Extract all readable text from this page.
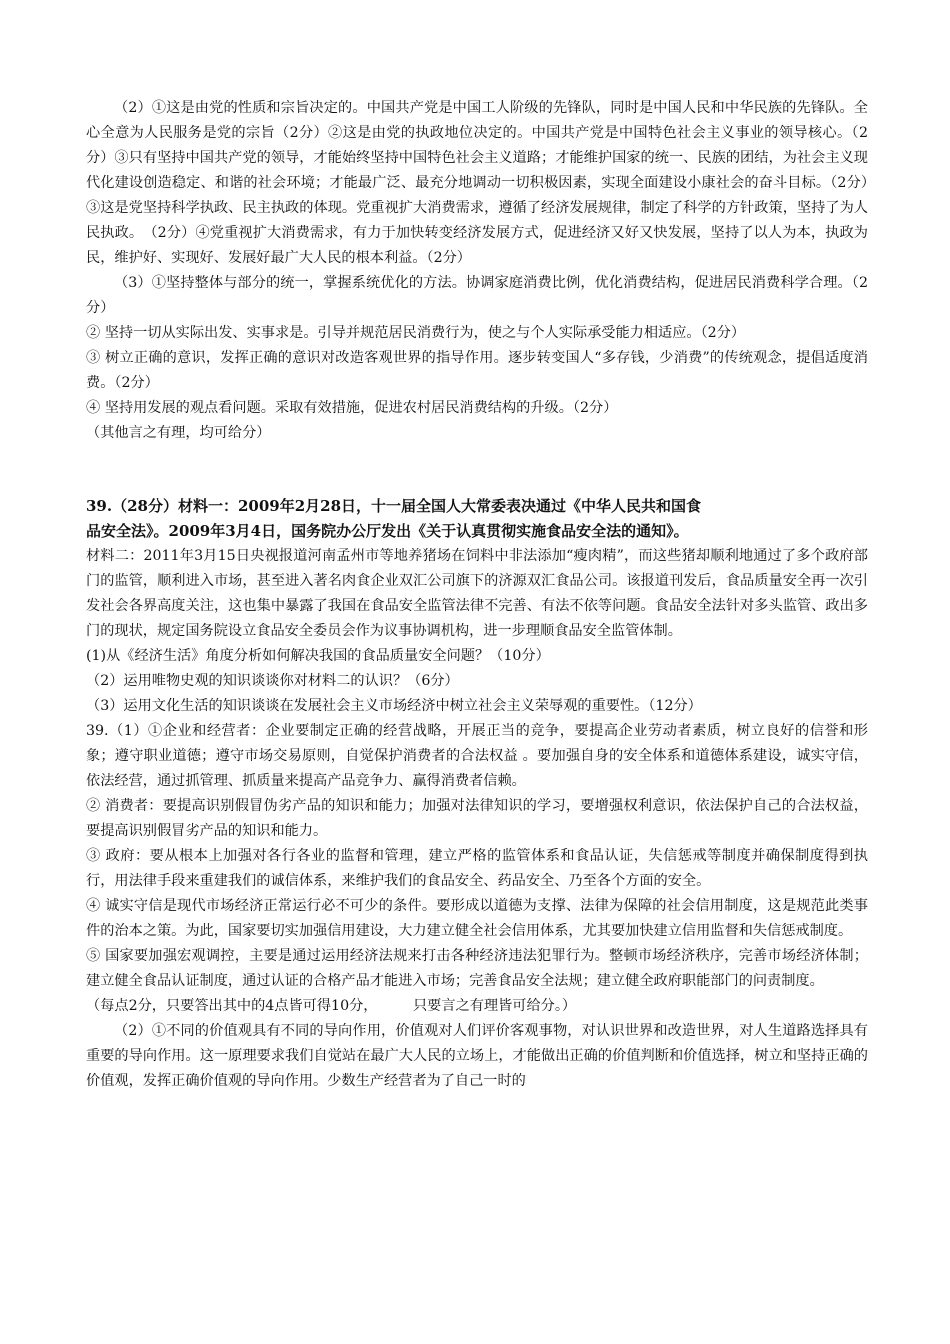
（2）①这是由党的性质和宗旨决定的。中国共产党是中国工人阶级的先锋队，同时是中国人民和中华民族的先锋队。全心全意为人民服务是党的宗旨（2分）②这是由党的执政地位决定的。中国共产党是中国特色社会主义事业的领导核心。（2分）③只有坚持中国共产党的领导，才能始终坚持中国特色社会主义道路；才能维护国家的统一、民族的团结，为社会主义现代化建设创造稳定、和谐的社会环境；才能最广泛、最充分地调动一切积极因素，实现全面建设小康社会的奋斗目标。（2分）③这是党坚持科学执政、民主执政的体现。党重视扩大消费需求，遵循了经济发展规律，制定了科学的方针政策，坚持了为人民执政。　（2分）④党重视扩大消费需求，有力于加快转变经济发展方式，促进经济又好又快发展，坚持了以人为本，执政为民，维护好、实现好、发展好最广大人民的根本利益。（2分）

（3）①坚持整体与部分的统一，掌握系统优化的方法。协调家庭消费比例，优化消费结构，促进居民消费科学合理。（2分）

② 坚持一切从实际出发、实事求是。引导并规范居民消费行为，使之与个人实际承受能力相适应。（2分）

③ 树立正确的意识，发挥正确的意识对改造客观世界的指导作用。逐步转变国人“多存钱，少消费”的传统观念，提倡适度消费。（2分）

④ 坚持用发展的观点看问题。采取有效措施，促进农村居民消费结构的升级。（2分）

（其他言之有理，均可给分）

39.（28分）材料一：2009年2月28日，十一届全国人大常委表决通过《中华人民共和国食品安全法》。2009年3月4日，国务院办公厅发出《关于认真贯彻实施食品安全法的通知》。

材料二：2011年3月15日央视报道河南孟州市等地养猪场在饲料中非法添加“瘦肉精”，而这些猪却顺利地通过了多个政府部门的监管，顺利进入市场，甚至进入著名肉食企业双汇公司旗下的济源双汇食品公司。该报道刊发后，食品质量安全再一次引发社会各界高度关注，这也集中暴露了我国在食品安全监管法律不完善、有法不依等问题。食品安全法针对多头监管、政出多门的现状，规定国务院设立食品安全委员会作为议事协调机构，进一步理顺食品安全监管体制。

(1)从《经济生活》角度分析如何解决我国的食品质量安全问题？（10分）

（2）运用唯物史观的知识谈谈你对材料二的认识？（6分）

（3）运用文化生活的知识谈谈在发展社会主义市场经济中树立社会主义荣辱观的重要性。（12分）

39.（1）①企业和经营者：企业要制定正确的经营战略，开展正当的竞争，要提高企业劳动者素质，树立良好的信誉和形象；遵守职业道德；遵守市场交易原则，自觉保护消费者的合法权益 。要加强自身的安全体系和道德体系建设，诚实守信，依法经营，通过抓管理、抓质量来提高产品竞争力、赢得消费者信赖。

② 消费者：要提高识别假冒伪劣产品的知识和能力；加强对法律知识的学习，要增强权利意识，依法保护自己的合法权益，要提高识别假冒劣产品的知识和能力。

③ 政府：要从根本上加强对各行各业的监督和管理，建立严格的监管体系和食品认证，失信惩戒等制度并确保制度得到执行，用法律手段来重建我们的诚信体系，来维护我们的食品安全、药品安全、乃至各个方面的安全。

④ 诚实守信是现代市场经济正常运行必不可少的条件。要形成以道德为支撑、法律为保障的社会信用制度，这是规范此类事件的治本之策。为此，国家要切实加强信用建设，大力建立健全社会信用体系，尤其要加快建立信用监督和失信惩戒制度。

⑤ 国家要加强宏观调控，主要是通过运用经济法规来打击各种经济违法犯罪行为。整顿市场经济秩序，完善市场经济体制；建立健全食品认证制度，通过认证的合格产品才能进入市场；完善食品安全法规；建立健全政府职能部门的问责制度。

（每点2分，只要答出其中的4点皆可得10分，　　　只要言之有理皆可给分。）

（2）①不同的价值观具有不同的导向作用，价值观对人们评价客观事物，对认识世界和改造世界，对人生道路选择具有重要的导向作用。这一原理要求我们自觉站在最广大人民的立场上，才能做出正确的价值判断和价值选择，树立和坚持正确的价值观，发挥正确价值观的导向作用。少数生产经营者为了自己一时的
